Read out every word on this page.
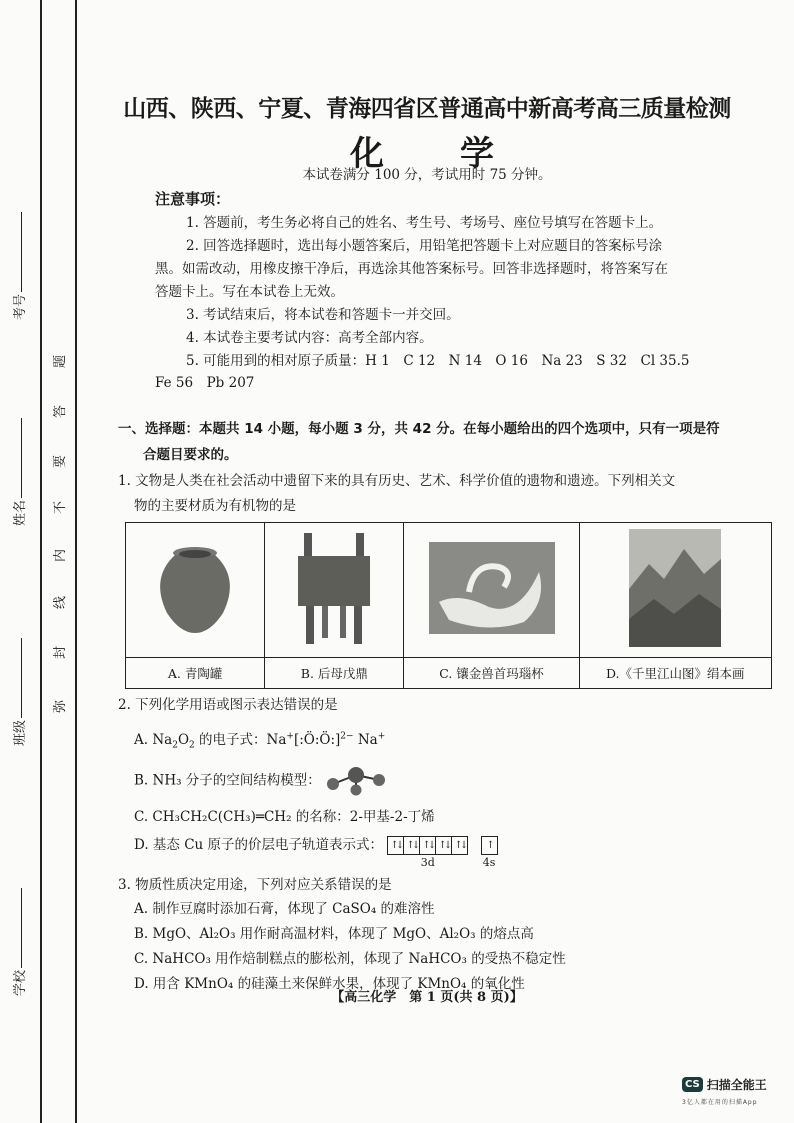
考号
姓名
班级
学校
弥
封
线
内
不
要
答
题
山西、陕西、宁夏、青海四省区普通高中新高考高三质量检测
化 学
本试卷满分 100 分，考试用时 75 分钟。
注意事项：
1. 答题前，考生务必将自己的姓名、考生号、考场号、座位号填写在答题卡上。
2. 回答选择题时，选出每小题答案后，用铅笔把答题卡上对应题目的答案标号涂
黑。如需改动，用橡皮擦干净后，再选涂其他答案标号。回答非选择题时，将答案写在
答题卡上。写在本试卷上无效。
3. 考试结束后，将本试卷和答题卡一并交回。
4. 本试卷主要考试内容：高考全部内容。
5. 可能用到的相对原子质量：H 1　C 12　N 14　O 16　Na 23　S 32　Cl 35.5
Fe 56　Pb 207
一、选择题：本题共 14 小题，每小题 3 分，共 42 分。在每小题给出的四个选项中，只有一项是符
合题目要求的。
1. 文物是人类在社会活动中遗留下来的具有历史、艺术、科学价值的遗物和遗迹。下列相关文
物的主要材质为有机物的是

A. 青陶罐	B. 后母戊鼎	C. 镶金兽首玛瑙杯	D.《千里江山图》绢本画
2. 下列化学用语或图示表达错误的是
A. $Na_2O_2$ 的电子式：Na+[:Ö:Ö:]$^{2-}$ Na+
B. NH₃ 分子的空间结构模型：
C. CH₃CH₂C(CH₃)═CH₂ 的名称：2-甲基-2-丁烯
D. 基态 Cu 原子的价层电子轨道表示式： ↑↓ ↑↓ ↑↓ ↑↓ ↑↓
3d
↑
4s
3. 物质性质决定用途，下列对应关系错误的是
A. 制作豆腐时添加石膏，体现了 CaSO₄ 的难溶性
B. MgO、Al₂O₃ 用作耐高温材料，体现了 MgO、Al₂O₃ 的熔点高
C. NaHCO₃ 用作焙制糕点的膨松剂，体现了 NaHCO₃ 的受热不稳定性
D. 用含 KMnO₄ 的硅藻土来保鲜水果，体现了 KMnO₄ 的氧化性
【高三化学　第 1 页(共 8 页)】
CS 扫描全能王
3亿人都在用的扫描App
